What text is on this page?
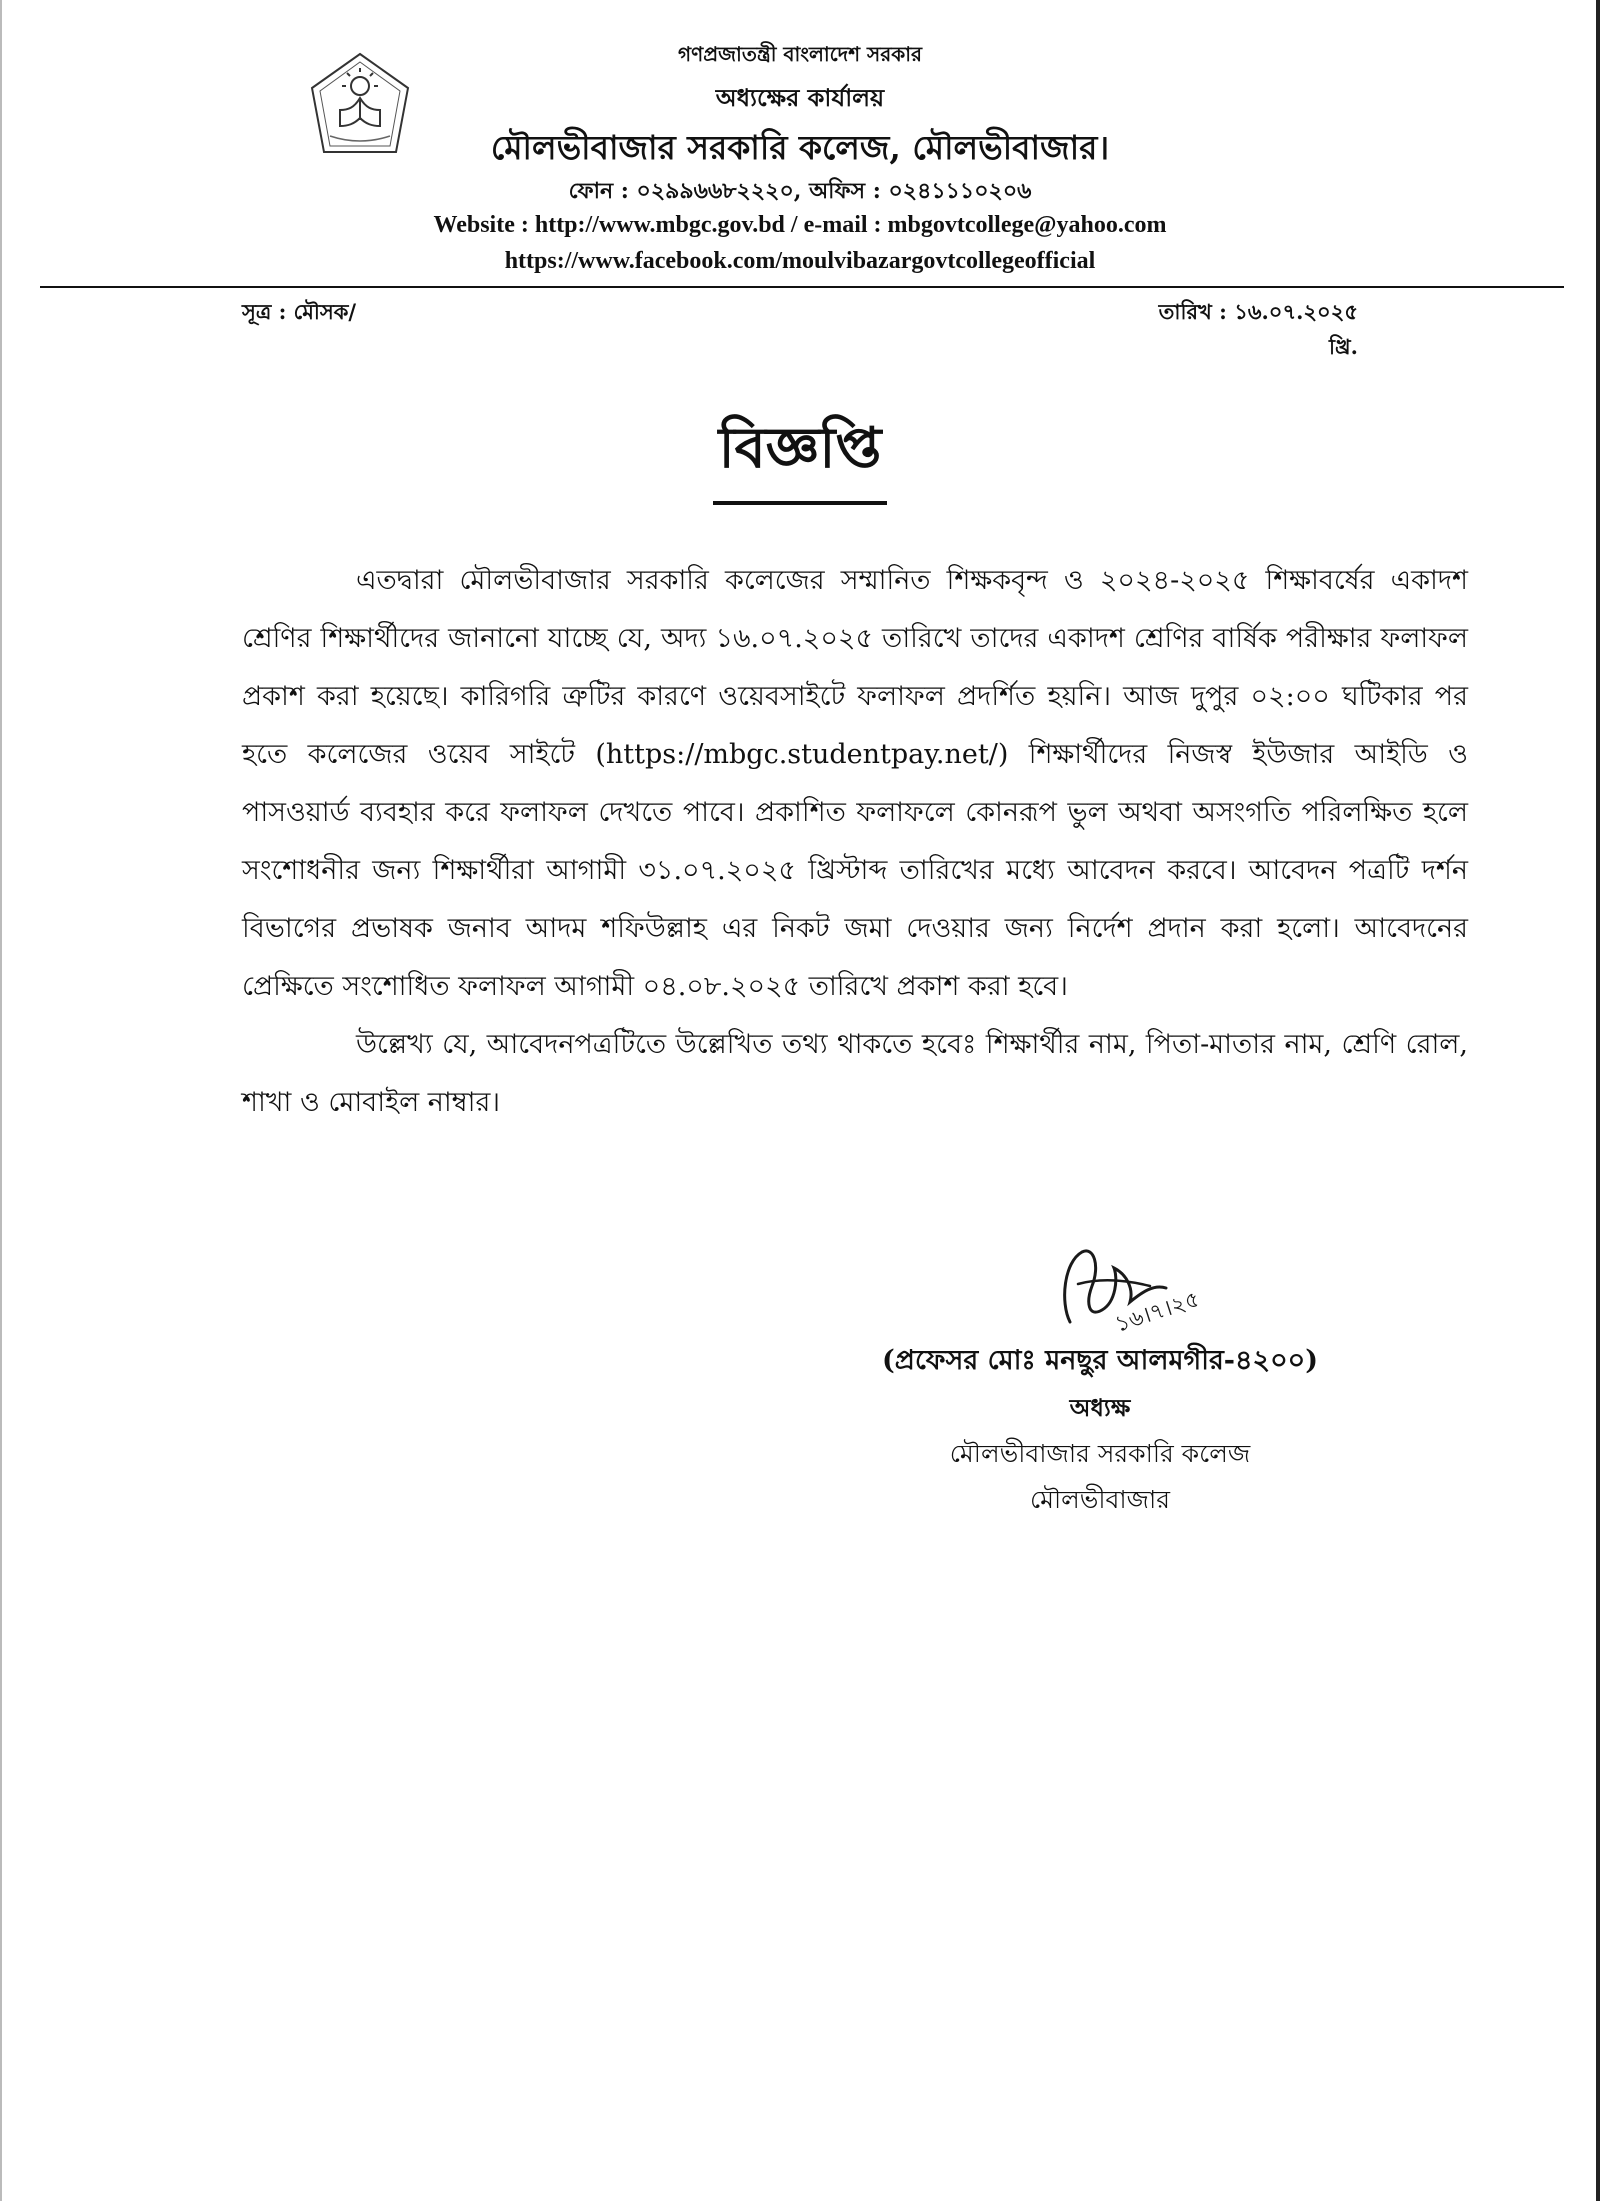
গণপ্রজাতন্ত্রী বাংলাদেশ সরকার
অধ্যক্ষের কার্যালয়
মৌলভীবাজার সরকারি কলেজ, মৌলভীবাজার।
ফোন : ০২৯৯৬৬৮২২২০, অফিস : ০২৪১১১০২০৬
Website : http://www.mbgc.gov.bd / e-mail : mbgovtcollege@yahoo.com
https://www.facebook.com/moulvibazargovtcollegeofficial
সূত্র : মৌসক/	তারিখ : ১৬.০৭.২০২৫ খ্রি.
বিজ্ঞপ্তি

এতদ্বারা মৌলভীবাজার সরকারি কলেজের সম্মানিত শিক্ষকবৃন্দ ও ২০২৪-২০২৫ শিক্ষাবর্ষের একাদশ শ্রেণির শিক্ষার্থীদের জানানো যাচ্ছে যে, অদ্য ১৬.০৭.২০২৫ তারিখে তাদের একাদশ শ্রেণির বার্ষিক পরীক্ষার ফলাফল প্রকাশ করা হয়েছে। কারিগরি ত্রুটির কারণে ওয়েবসাইটে ফলাফল প্রদর্শিত হয়নি। আজ দুপুর ০২:০০ ঘটিকার পর হতে কলেজের ওয়েব সাইটে (https://mbgc.studentpay.net/) শিক্ষার্থীদের নিজস্ব ইউজার আইডি ও পাসওয়ার্ড ব্যবহার করে ফলাফল দেখতে পাবে। প্রকাশিত ফলাফলে কোনরূপ ভুল অথবা অসংগতি পরিলক্ষিত হলে সংশোধনীর জন্য শিক্ষার্থীরা আগামী ৩১.০৭.২০২৫ খ্রিস্টাব্দ তারিখের মধ্যে আবেদন করবে। আবেদন পত্রটি দর্শন বিভাগের প্রভাষক জনাব আদম শফিউল্লাহ এর নিকট জমা দেওয়ার জন্য নির্দেশ প্রদান করা হলো। আবেদনের প্রেক্ষিতে সংশোধিত ফলাফল আগামী ০৪.০৮.২০২৫ তারিখে প্রকাশ করা হবে।

উল্লেখ্য যে, আবেদনপত্রটিতে উল্লেখিত তথ্য থাকতে হবেঃ শিক্ষার্থীর নাম, পিতা-মাতার নাম, শ্রেণি রোল, শাখা ও মোবাইল নাম্বার।

১৬।৭।২৫
(প্রফেসর মোঃ মনছুর আলমগীর-৪২০০)
অধ্যক্ষ
মৌলভীবাজার সরকারি কলেজ
মৌলভীবাজার
